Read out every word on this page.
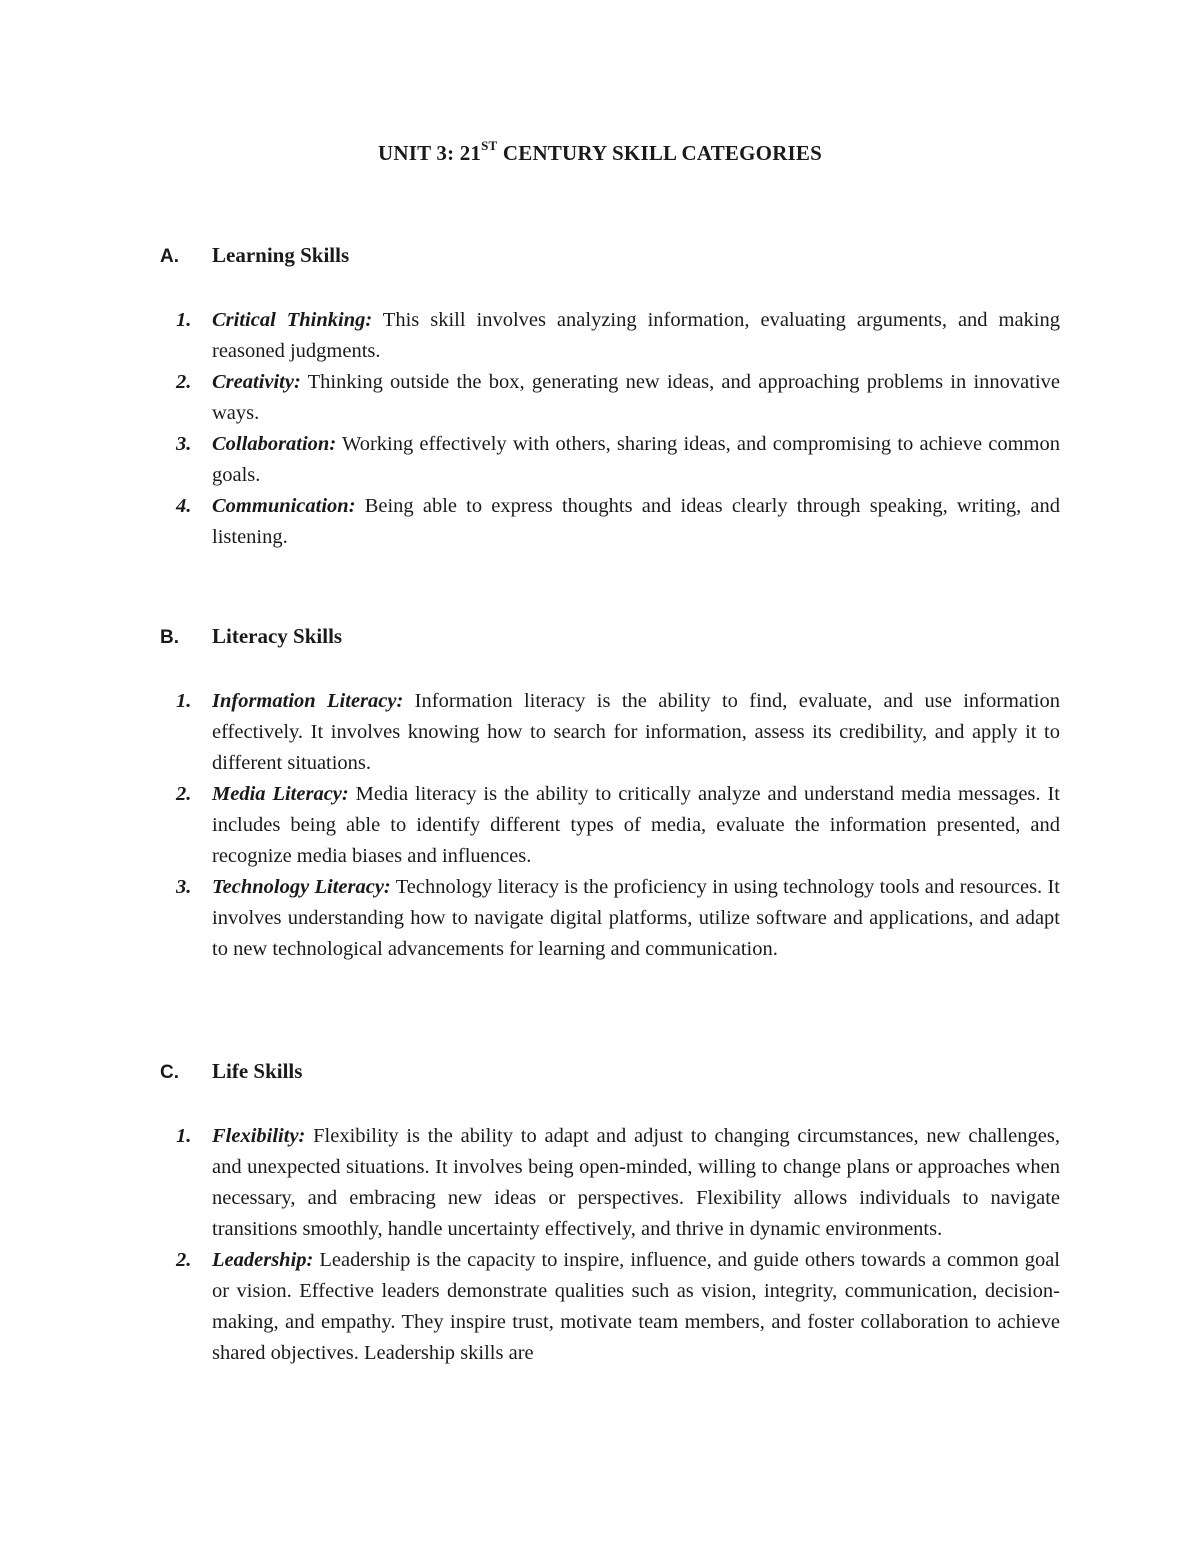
UNIT 3: 21ST CENTURY SKILL CATEGORIES
A.	Learning Skills
1.	Critical Thinking: This skill involves analyzing information, evaluating arguments, and making reasoned judgments.
2.	Creativity: Thinking outside the box, generating new ideas, and approaching problems in innovative ways.
3.	Collaboration: Working effectively with others, sharing ideas, and compromising to achieve common goals.
4.	Communication: Being able to express thoughts and ideas clearly through speaking, writing, and listening.
B.	Literacy Skills
1.	Information Literacy: Information literacy is the ability to find, evaluate, and use information effectively. It involves knowing how to search for information, assess its credibility, and apply it to different situations.
2.	Media Literacy: Media literacy is the ability to critically analyze and understand media messages. It includes being able to identify different types of media, evaluate the information presented, and recognize media biases and influences.
3.	Technology Literacy: Technology literacy is the proficiency in using technology tools and resources. It involves understanding how to navigate digital platforms, utilize software and applications, and adapt to new technological advancements for learning and communication.
C.	Life Skills
1.	Flexibility: Flexibility is the ability to adapt and adjust to changing circumstances, new challenges, and unexpected situations. It involves being open-minded, willing to change plans or approaches when necessary, and embracing new ideas or perspectives. Flexibility allows individuals to navigate transitions smoothly, handle uncertainty effectively, and thrive in dynamic environments.
2.	Leadership: Leadership is the capacity to inspire, influence, and guide others towards a common goal or vision. Effective leaders demonstrate qualities such as vision, integrity, communication, decision-making, and empathy. They inspire trust, motivate team members, and foster collaboration to achieve shared objectives. Leadership skills are
